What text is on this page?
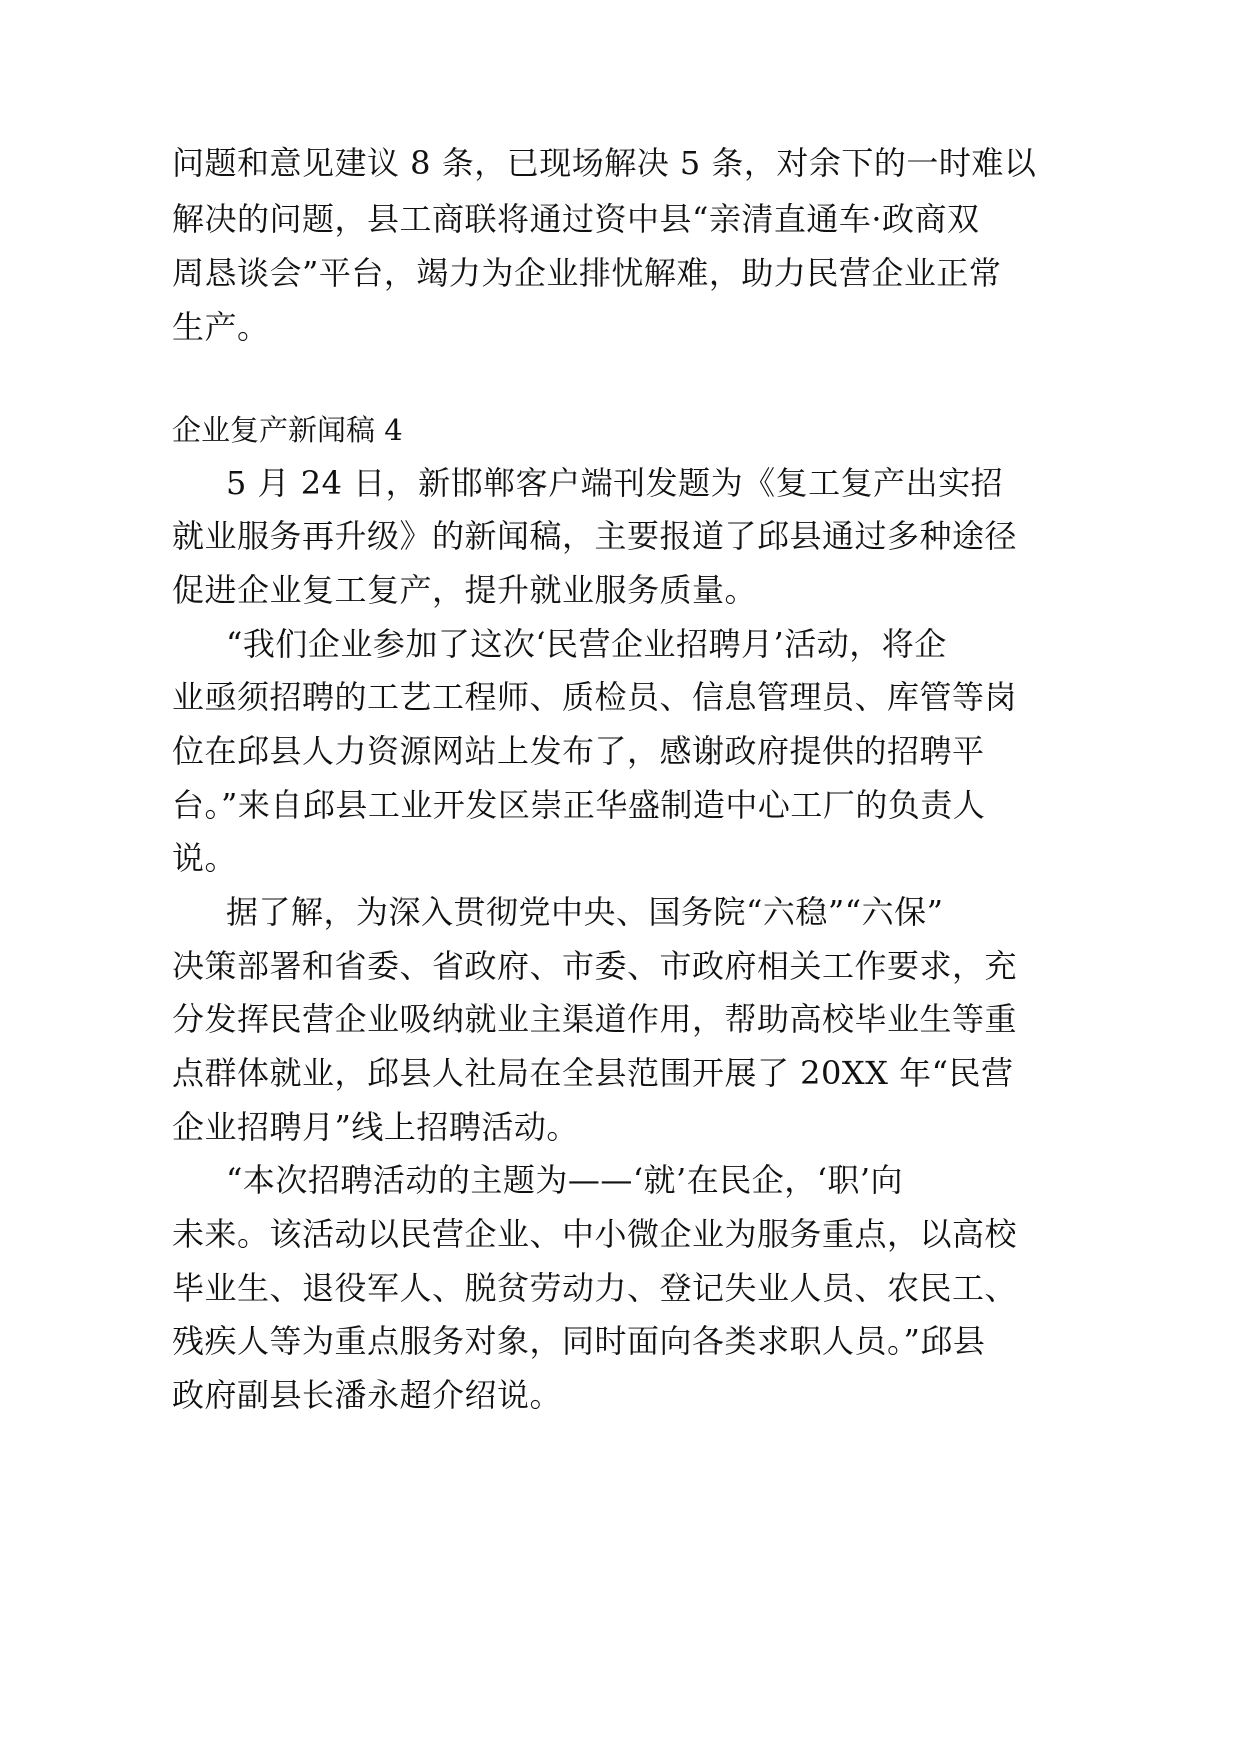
问题和意见建议 8 条，已现场解决 5 条，对余下的一时难以

解决的问题，县工商联将通过资中县“亲清直通车·政商双

周恳谈会”平台，竭力为企业排忧解难，助力民营企业正常

生产。

企业复产新闻稿 4

5 月 24 日，新邯郸客户端刊发题为《复工复产出实招

就业服务再升级》的新闻稿，主要报道了邱县通过多种途径

促进企业复工复产，提升就业服务质量。

“我们企业参加了这次‘民营企业招聘月’活动，将企

业亟须招聘的工艺工程师、质检员、信息管理员、库管等岗

位在邱县人力资源网站上发布了，感谢政府提供的招聘平

台。”来自邱县工业开发区崇正华盛制造中心工厂的负责人

说。

据了解，为深入贯彻党中央、国务院“六稳”“六保”

决策部署和省委、省政府、市委、市政府相关工作要求，充

分发挥民营企业吸纳就业主渠道作用，帮助高校毕业生等重

点群体就业，邱县人社局在全县范围开展了 20XX 年“民营

企业招聘月”线上招聘活动。

“本次招聘活动的主题为——‘就’在民企，‘职’向

未来。该活动以民营企业、中小微企业为服务重点，以高校

毕业生、退役军人、脱贫劳动力、登记失业人员、农民工、

残疾人等为重点服务对象，同时面向各类求职人员。”邱县

政府副县长潘永超介绍说。
